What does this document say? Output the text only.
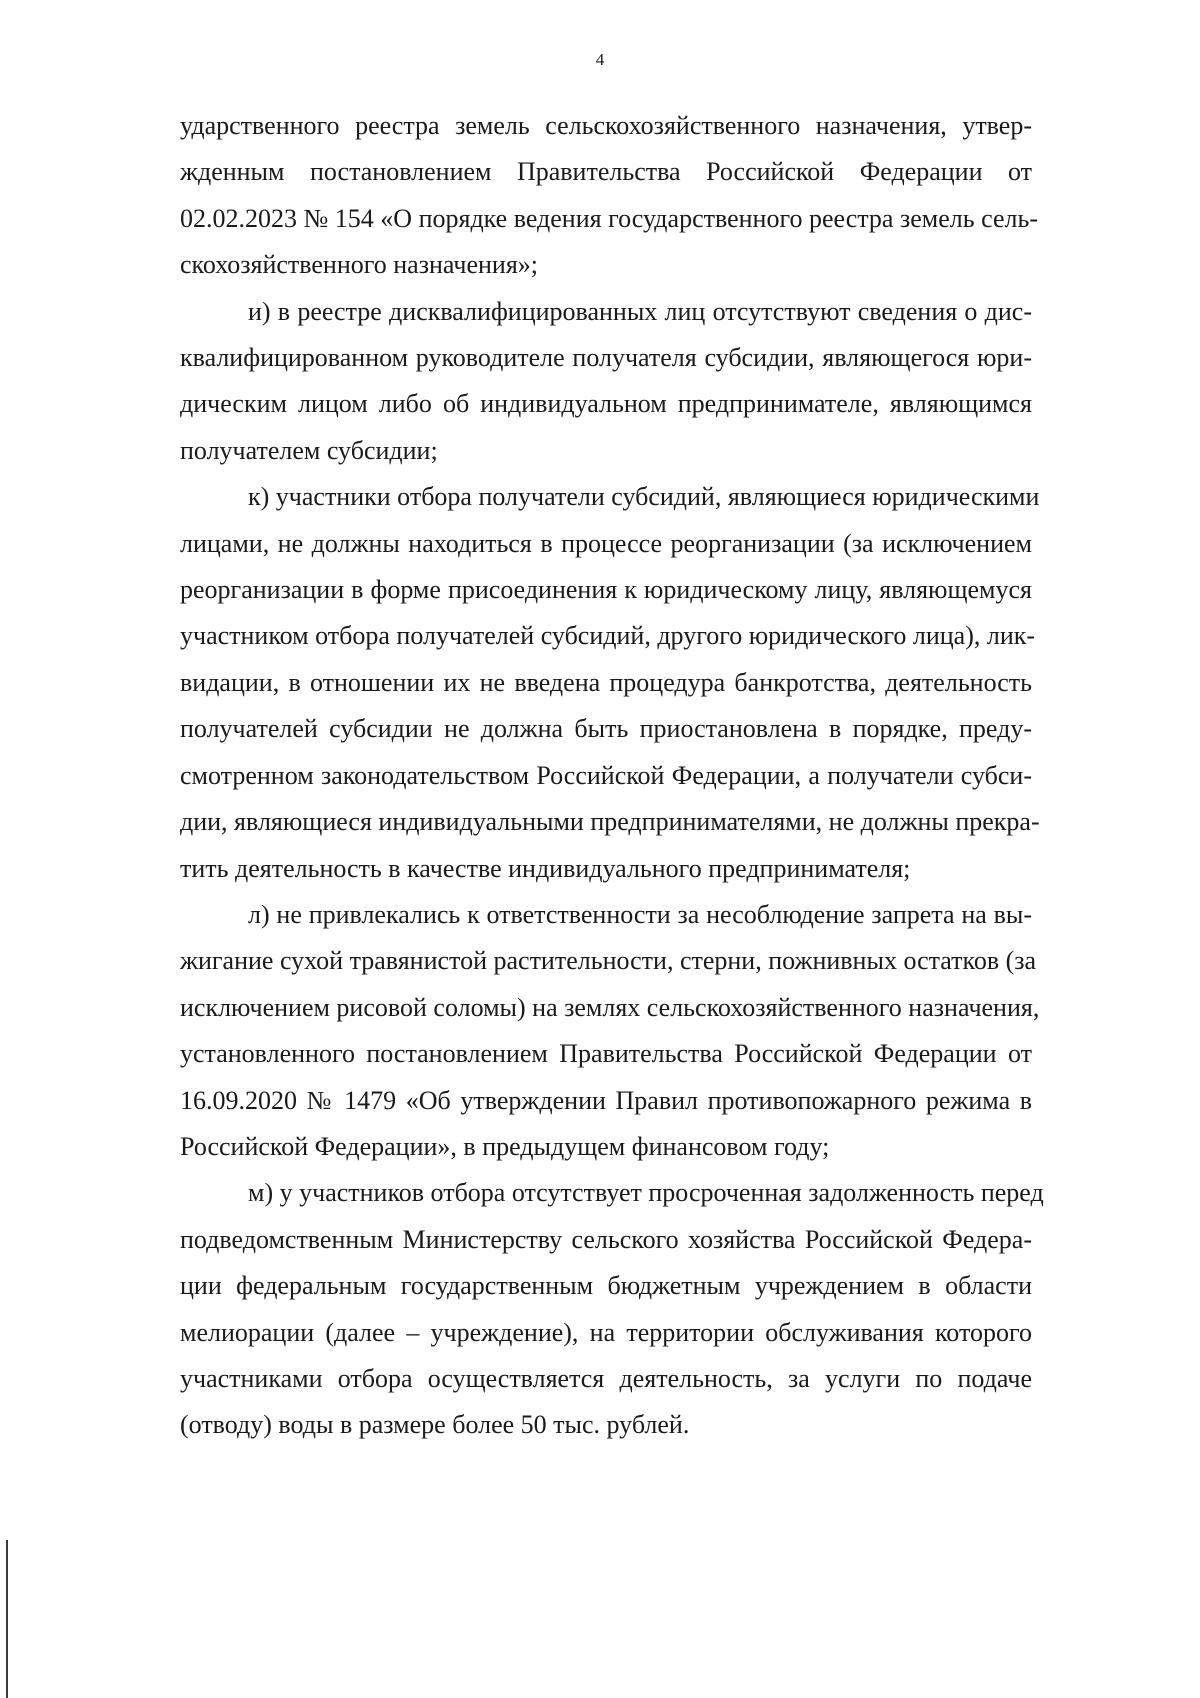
4

ударственного реестра земель сельскохозяйственного назначения, утвер-
жденным постановлением Правительства Российской Федерации от
02.02.2023 № 154 «О порядке ведения государственного реестра земель сель-
скохозяйственного назначения»;

и) в реестре дисквалифицированных лиц отсутствуют сведения о дис-
квалифицированном руководителе получателя субсидии, являющегося юри-
дическим лицом либо об индивидуальном предпринимателе, являющимся
получателем субсидии;

к) участники отбора получатели субсидий, являющиеся юридическими
лицами, не должны находиться в процессе реорганизации (за исключением
реорганизации в форме присоединения к юридическому лицу, являющемуся
участником отбора получателей субсидий, другого юридического лица), лик-
видации, в отношении их не введена процедура банкротства, деятельность
получателей субсидии не должна быть приостановлена в порядке, преду-
смотренном законодательством Российской Федерации, а получатели субси-
дии, являющиеся индивидуальными предпринимателями, не должны прекра-
тить деятельность в качестве индивидуального предпринимателя;

л) не привлекались к ответственности за несоблюдение запрета на вы-
жигание сухой травянистой растительности, стерни, пожнивных остатков (за
исключением рисовой соломы) на землях сельскохозяйственного назначения,
установленного постановлением Правительства Российской Федерации от
16.09.2020 № 1479 «Об утверждении Правил противопожарного режима в
Российской Федерации», в предыдущем финансовом году;

м) у участников отбора отсутствует просроченная задолженность перед
подведомственным Министерству сельского хозяйства Российской Федера-
ции федеральным государственным бюджетным учреждением в области
мелиорации (далее – учреждение), на территории обслуживания которого
участниками отбора осуществляется деятельность, за услуги по подаче
(отводу) воды в размере более 50 тыс. рублей.
